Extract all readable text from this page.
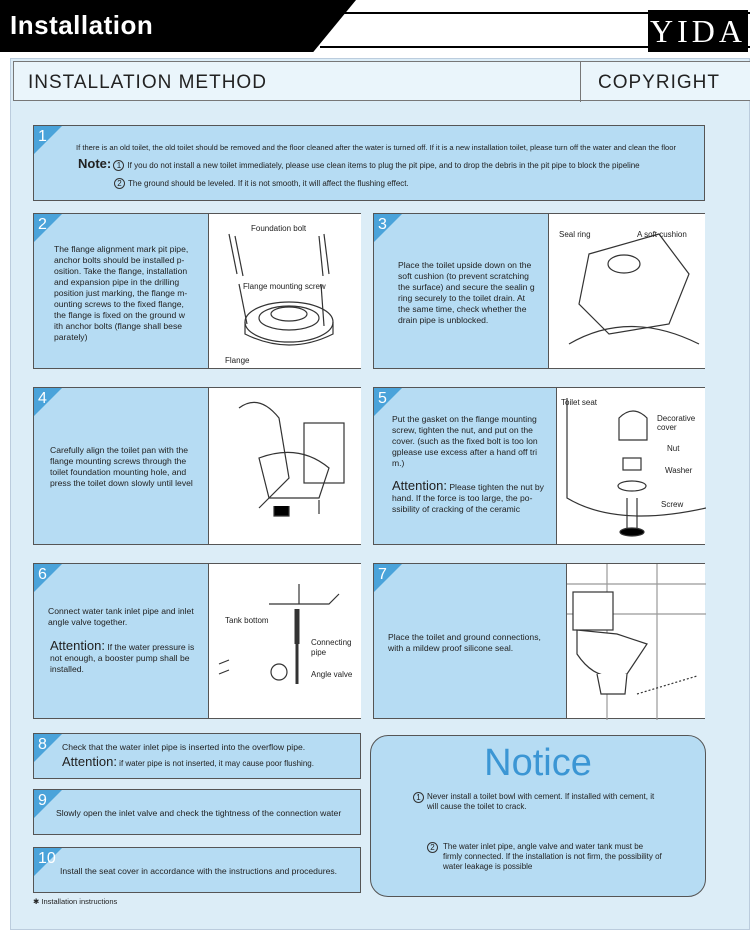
Installation	YIDA
INSTALLATION METHOD	COPYRIGHT
1
If there is an old toilet, the old toilet should be removed and the floor cleaned after the water is turned off. If it is a new installation toilet, please turn off the water and clean the floor
Note: 1 If you do not install a new toilet immediately, please use clean items to plug the pit pipe, and to drop the debris in the pit pipe to block the pipeline
2 The ground should be leveled. If it is not smooth, it will affect the flushing effect.
2
The flange alignment mark pit pipe, anchor bolts should be installed p-osition. Take the flange, installation and expansion pipe in the drilling position just marking, the flange m-ounting screws to the fixed flange, the flange is fixed on the ground w ith anchor bolts (flange shall bese parately)
Foundation bolt
Flange mounting screw
Flange
3
Place the toilet upside down on the soft cushion (to prevent scratching the surface) and secure the sealin g ring securely to the toilet drain. At the same time, check whether the drain pipe is unblocked.
Seal ring	A soft cushion
4
Carefully align the toilet pan with the flange mounting screws through the toilet foundation mounting hole, and press the toilet down slowly until level
5
Put the gasket on the flange mounting screw, tighten the nut, and put on the cover. (such as the fixed bolt is too lon gplease use excess after a hand off tri m.)
Attention: Please tighten the nut by hand. If the force is too large, the po-ssibility of cracking of the ceramic
Toilet seat
Decorative cover
Nut
Washer
Screw
6
Connect water tank inlet pipe and inlet angle valve together.
Attention: If the water pressure is not enough, a booster pump shall be installed.
Tank bottom
Connecting pipe
Angle valve
7
Place the toilet and ground connections, with a mildew proof silicone seal.
8 Check that the water inlet pipe is inserted into the overflow pipe.
Attention: if water pipe is not inserted, it may cause poor flushing.
9
Slowly open the inlet valve and check the tightness of the connection water
10
Install the seat cover in accordance with the instructions and procedures.
✱ Installation instructions
Notice
1 Never install a toilet bowl with cement. If installed with cement, it will cause the toilet to crack.
2	The water inlet pipe, angle valve and water tank must be firmly connected. If the installation is not firm, the possibility of water leakage is possible
